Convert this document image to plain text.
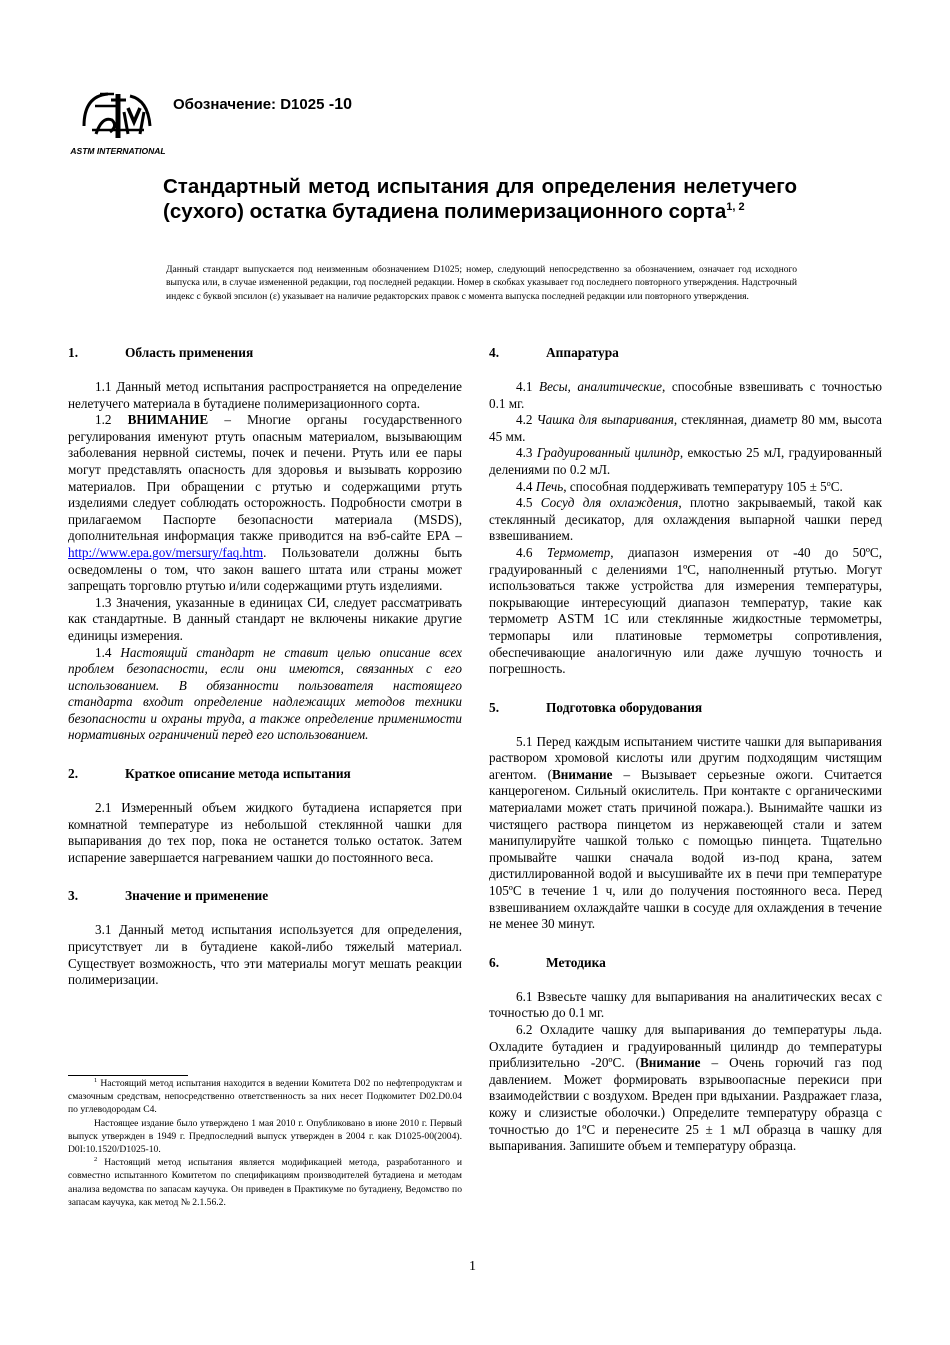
ASTM INTERNATIONAL
Обозначение: D1025 -10
Стандартный метод испытания для определения нелетучего (сухого) остатка бутадиена полимеризационного сорта$^{1, 2}$
Данный стандарт выпускается под неизменным обозначением D1025; номер, следующий непосредственно за обозначением, означает год исходного выпуска или, в случае измененной редакции, год последней редакции. Номер в скобках указывает год последнего повторного утверждения. Надстрочный индекс с буквой эпсилон (ε) указывает на наличие редакторских правок с момента выпуска последней редакции или повторного утверждения.
1.	Область применения

1.1 Данный метод испытания распространяется на определение нелетучего материала в бутадиене полимеризационного сорта.

1.2 ВНИМАНИЕ – Многие органы государственного регулирования именуют ртуть опасным материалом, вызывающим заболевания нервной системы, почек и печени. Ртуть или ее пары могут представлять опасность для здоровья и вызывать коррозию материалов. При обращении с ртутью и содержащими ртуть изделиями следует соблюдать осторожность. Подробности смотри в прилагаемом Паспорте безопасности материала (MSDS), дополнительная информация также приводится на вэб-сайте EPA – http://www.epa.gov/mersury/faq.htm. Пользователи должны быть осведомлены о том, что закон вашего штата или страны может запрещать торговлю ртутью и/или содержащими ртуть изделиями.

1.3 Значения, указанные в единицах СИ, следует рассматривать как стандартные. В данный стандарт не включены никакие другие единицы измерения.

1.4 Настоящий стандарт не ставит целью описание всех проблем безопасности, если они имеются, связанных с его использованием. В обязанности пользователя настоящего стандарта входит определение надлежащих методов техники безопасности и охраны труда, а также определение применимости нормативных ограничений перед его использованием.

2.	Краткое описание метода испытания

2.1 Измеренный объем жидкого бутадиена испаряется при комнатной температуре из небольшой стеклянной чашки для выпаривания до тех пор, пока не останется только остаток. Затем испарение завершается нагреванием чашки до постоянного веса.

3.	Значение и применение

3.1 Данный метод испытания используется для определения, присутствует ли в бутадиене какой-либо тяжелый материал. Существует возможность, что эти материалы могут мешать реакции полимеризации.

4.	Аппаратура

4.1 Весы, аналитические, способные взвешивать с точностью 0.1 мг.

4.2 Чашка для выпаривания, стеклянная, диаметр 80 мм, высота 45 мм.

4.3 Градуированный цилиндр, емкостью 25 мЛ, градуированный делениями по 0.2 мЛ.

4.4 Печь, способная поддерживать температуру $105 \pm 5^oC$.

4.5 Сосуд для охлаждения, плотно закрываемый, такой как стеклянный десикатор, для охлаждения выпарной чашки перед взвешиванием.

4.6 Термометр, диапазон измерения от -40 до 50ºC, градуированный с делениями 1ºC, наполненный ртутью. Могут использоваться также устройства для измерения температуры, покрывающие интересующий диапазон температур, такие как термометр ASTM 1C или стеклянные жидкостные термометры, термопары или платиновые термометры сопротивления, обеспечивающие аналогичную или даже лучшую точность и погрешность.

5.	Подготовка оборудования

5.1 Перед каждым испытанием чистите чашки для выпаривания раствором хромовой кислоты или другим подходящим чистящим агентом. (Внимание – Вызывает серьезные ожоги. Считается канцерогеном. Сильный окислитель. При контакте с органическими материалами может стать причиной пожара.). Вынимайте чашки из чистящего раствора пинцетом из нержавеющей стали и затем манипулируйте чашкой только с помощью пинцета. Тщательно промывайте чашки сначала водой из-под крана, затем дистиллированной водой и высушивайте их в печи при температуре 105ºC в течение 1 ч, или до получения постоянного веса. Перед взвешиванием охлаждайте чашки в сосуде для охлаждения в течение не менее 30 минут.

6.	Методика

6.1 Взвесьте чашку для выпаривания на аналитических весах с точностью до 0.1 мг.

6.2 Охладите чашку для выпаривания до температуры льда. Охладите бутадиен и градуированный цилиндр до температуры приблизительно -20ºC. (Внимание – Очень горючий газ под давлением. Может формировать взрывоопасные перекиси при взаимодействии с воздухом. Вреден при вдыхании. Раздражает глаза, кожу и слизистые оболочки.) Определите температуру образца с точностью до 1ºC и перенесите 25 ± 1 мЛ образца в чашку для выпаривания. Запишите объем и температуру образца.

$^1$ Настоящий метод испытания находится в ведении Комитета D02 по нефтепродуктам и смазочным средствам, непосредственно ответственность за них несет Подкомитет D02.D0.04 по углеводородам C4.

Настоящее издание было утверждено 1 мая 2010 г. Опубликовано в июне 2010 г. Первый выпуск утвержден в 1949 г. Предпоследний выпуск утвержден в 2004 г. как D1025-00(2004). D0I:10.1520/D1025-10.

$^2$ Настоящий метод испытания является модификацией метода, разработанного и совместно испытанного Комитетом по спецификациям производителей бутадиена и методам анализа ведомства по запасам каучука. Он приведен в Практикуме по бутадиену, Ведомство по запасам каучука, как метод № 2.1.56.2.

1
